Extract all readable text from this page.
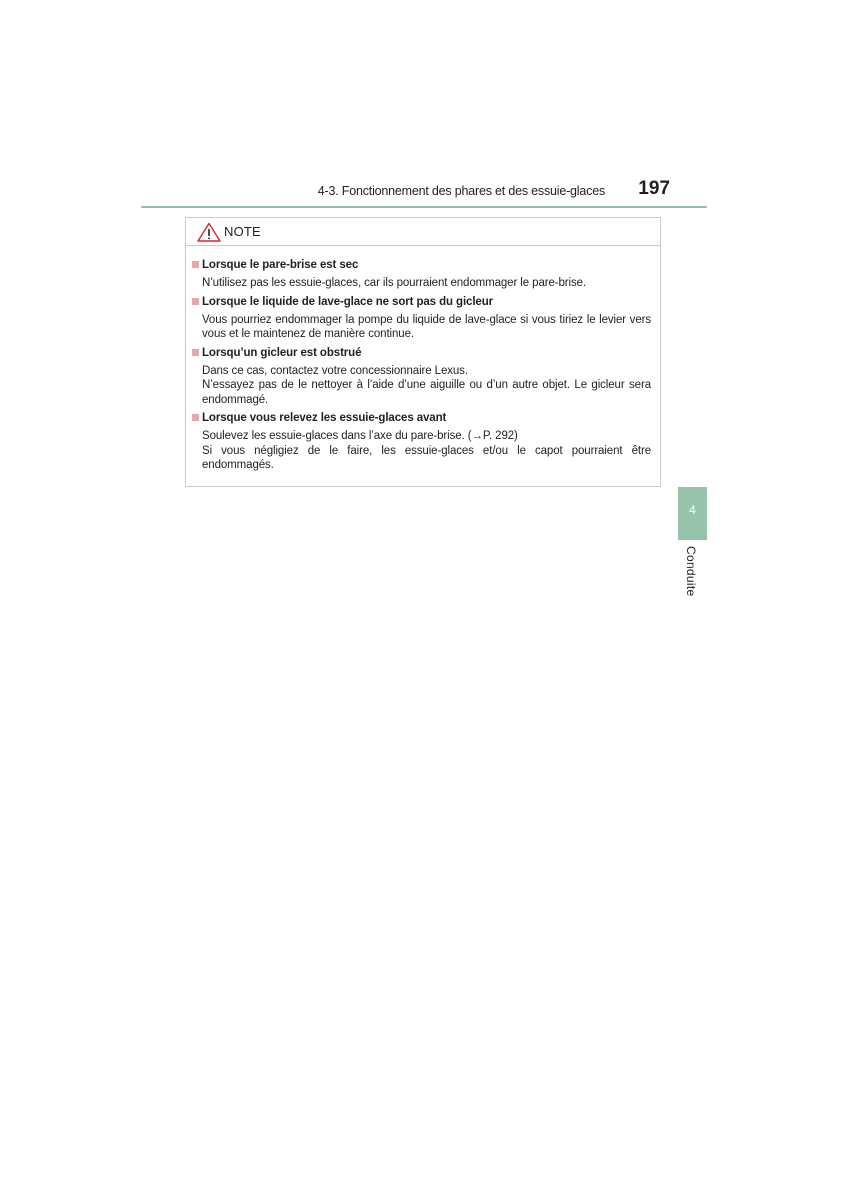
4-3. Fonctionnement des phares et des essuie-glaces	197
NOTE
Lorsque le pare-brise est sec

N’utilisez pas les essuie-glaces, car ils pourraient endommager le pare-brise.

Lorsque le liquide de lave-glace ne sort pas du gicleur

Vous pourriez endommager la pompe du liquide de lave-glace si vous tiriez le levier vers vous et le maintenez de manière continue.

Lorsqu’un gicleur est obstrué

Dans ce cas, contactez votre concessionnaire Lexus.

N’essayez pas de le nettoyer à l’aide d’une aiguille ou d’un autre objet. Le gicleur sera endommagé.

Lorsque vous relevez les essuie-glaces avant

Soulevez les essuie-glaces dans l’axe du pare-brise. (→P. 292)

Si vous négligiez de le faire, les essuie-glaces et/ou le capot pourraient être endommagés.

4
Conduite
